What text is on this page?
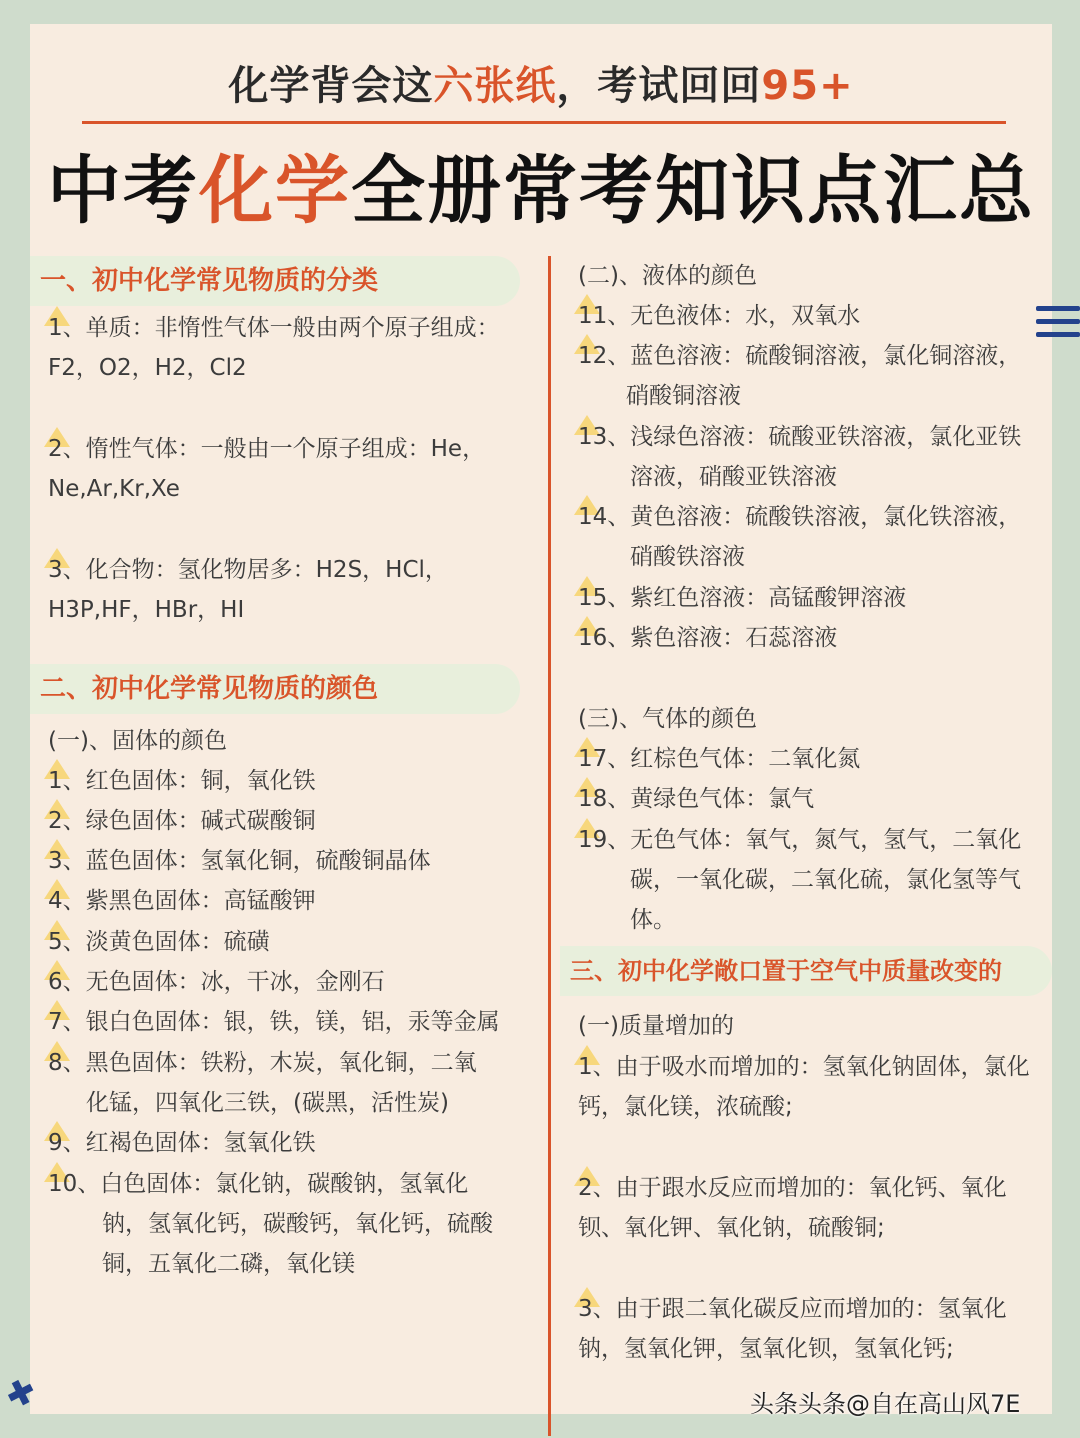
化学背会这六张纸，考试回回95+
中考化学全册常考知识点汇总
一、初中化学常见物质的分类
1、单质：非惰性气体一般由两个原子组成：
F2，O2，H2，Cl2
2、惰性气体：一般由一个原子组成：He，
Ne,Ar,Kr,Xe
3、化合物：氢化物居多：H2S，HCl，
H3P,HF，HBr，HI
二、初中化学常见物质的颜色
(一)、固体的颜色
1、红色固体：铜，氧化铁
2、绿色固体：碱式碳酸铜
3、蓝色固体：氢氧化铜，硫酸铜晶体
4、紫黑色固体：高锰酸钾
5、淡黄色固体：硫磺
6、无色固体：冰，干冰，金刚石
7、银白色固体：银，铁，镁，铝，汞等金属
8、黑色固体：铁粉，木炭，氧化铜，二氧
化锰，四氧化三铁，(碳黑，活性炭)
9、红褐色固体：氢氧化铁
10、白色固体：氯化钠，碳酸钠，氢氧化
钠，氢氧化钙，碳酸钙，氧化钙，硫酸
铜，五氧化二磷，氧化镁
(二)、液体的颜色
11、无色液体：水，双氧水
12、蓝色溶液：硫酸铜溶液，氯化铜溶液，
硝酸铜溶液
13、浅绿色溶液：硫酸亚铁溶液，氯化亚铁
溶液，硝酸亚铁溶液
14、黄色溶液：硫酸铁溶液，氯化铁溶液，
硝酸铁溶液
15、紫红色溶液：高锰酸钾溶液
16、紫色溶液：石蕊溶液
(三)、气体的颜色
17、红棕色气体：二氧化氮
18、黄绿色气体：氯气
19、无色气体：氧气，氮气，氢气，二氧化
碳，一氧化碳，二氧化硫，氯化氢等气
体。
三、初中化学敞口置于空气中质量改变的
(一)质量增加的
1、由于吸水而增加的：氢氧化钠固体，氯化
钙，氯化镁，浓硫酸;
2、由于跟水反应而增加的：氧化钙、氧化
钡、氧化钾、氧化钠，硫酸铜;
3、由于跟二氧化碳反应而增加的：氢氧化
钠，氢氧化钾，氢氧化钡，氢氧化钙;
✖	头条头条@自在高山风7E
